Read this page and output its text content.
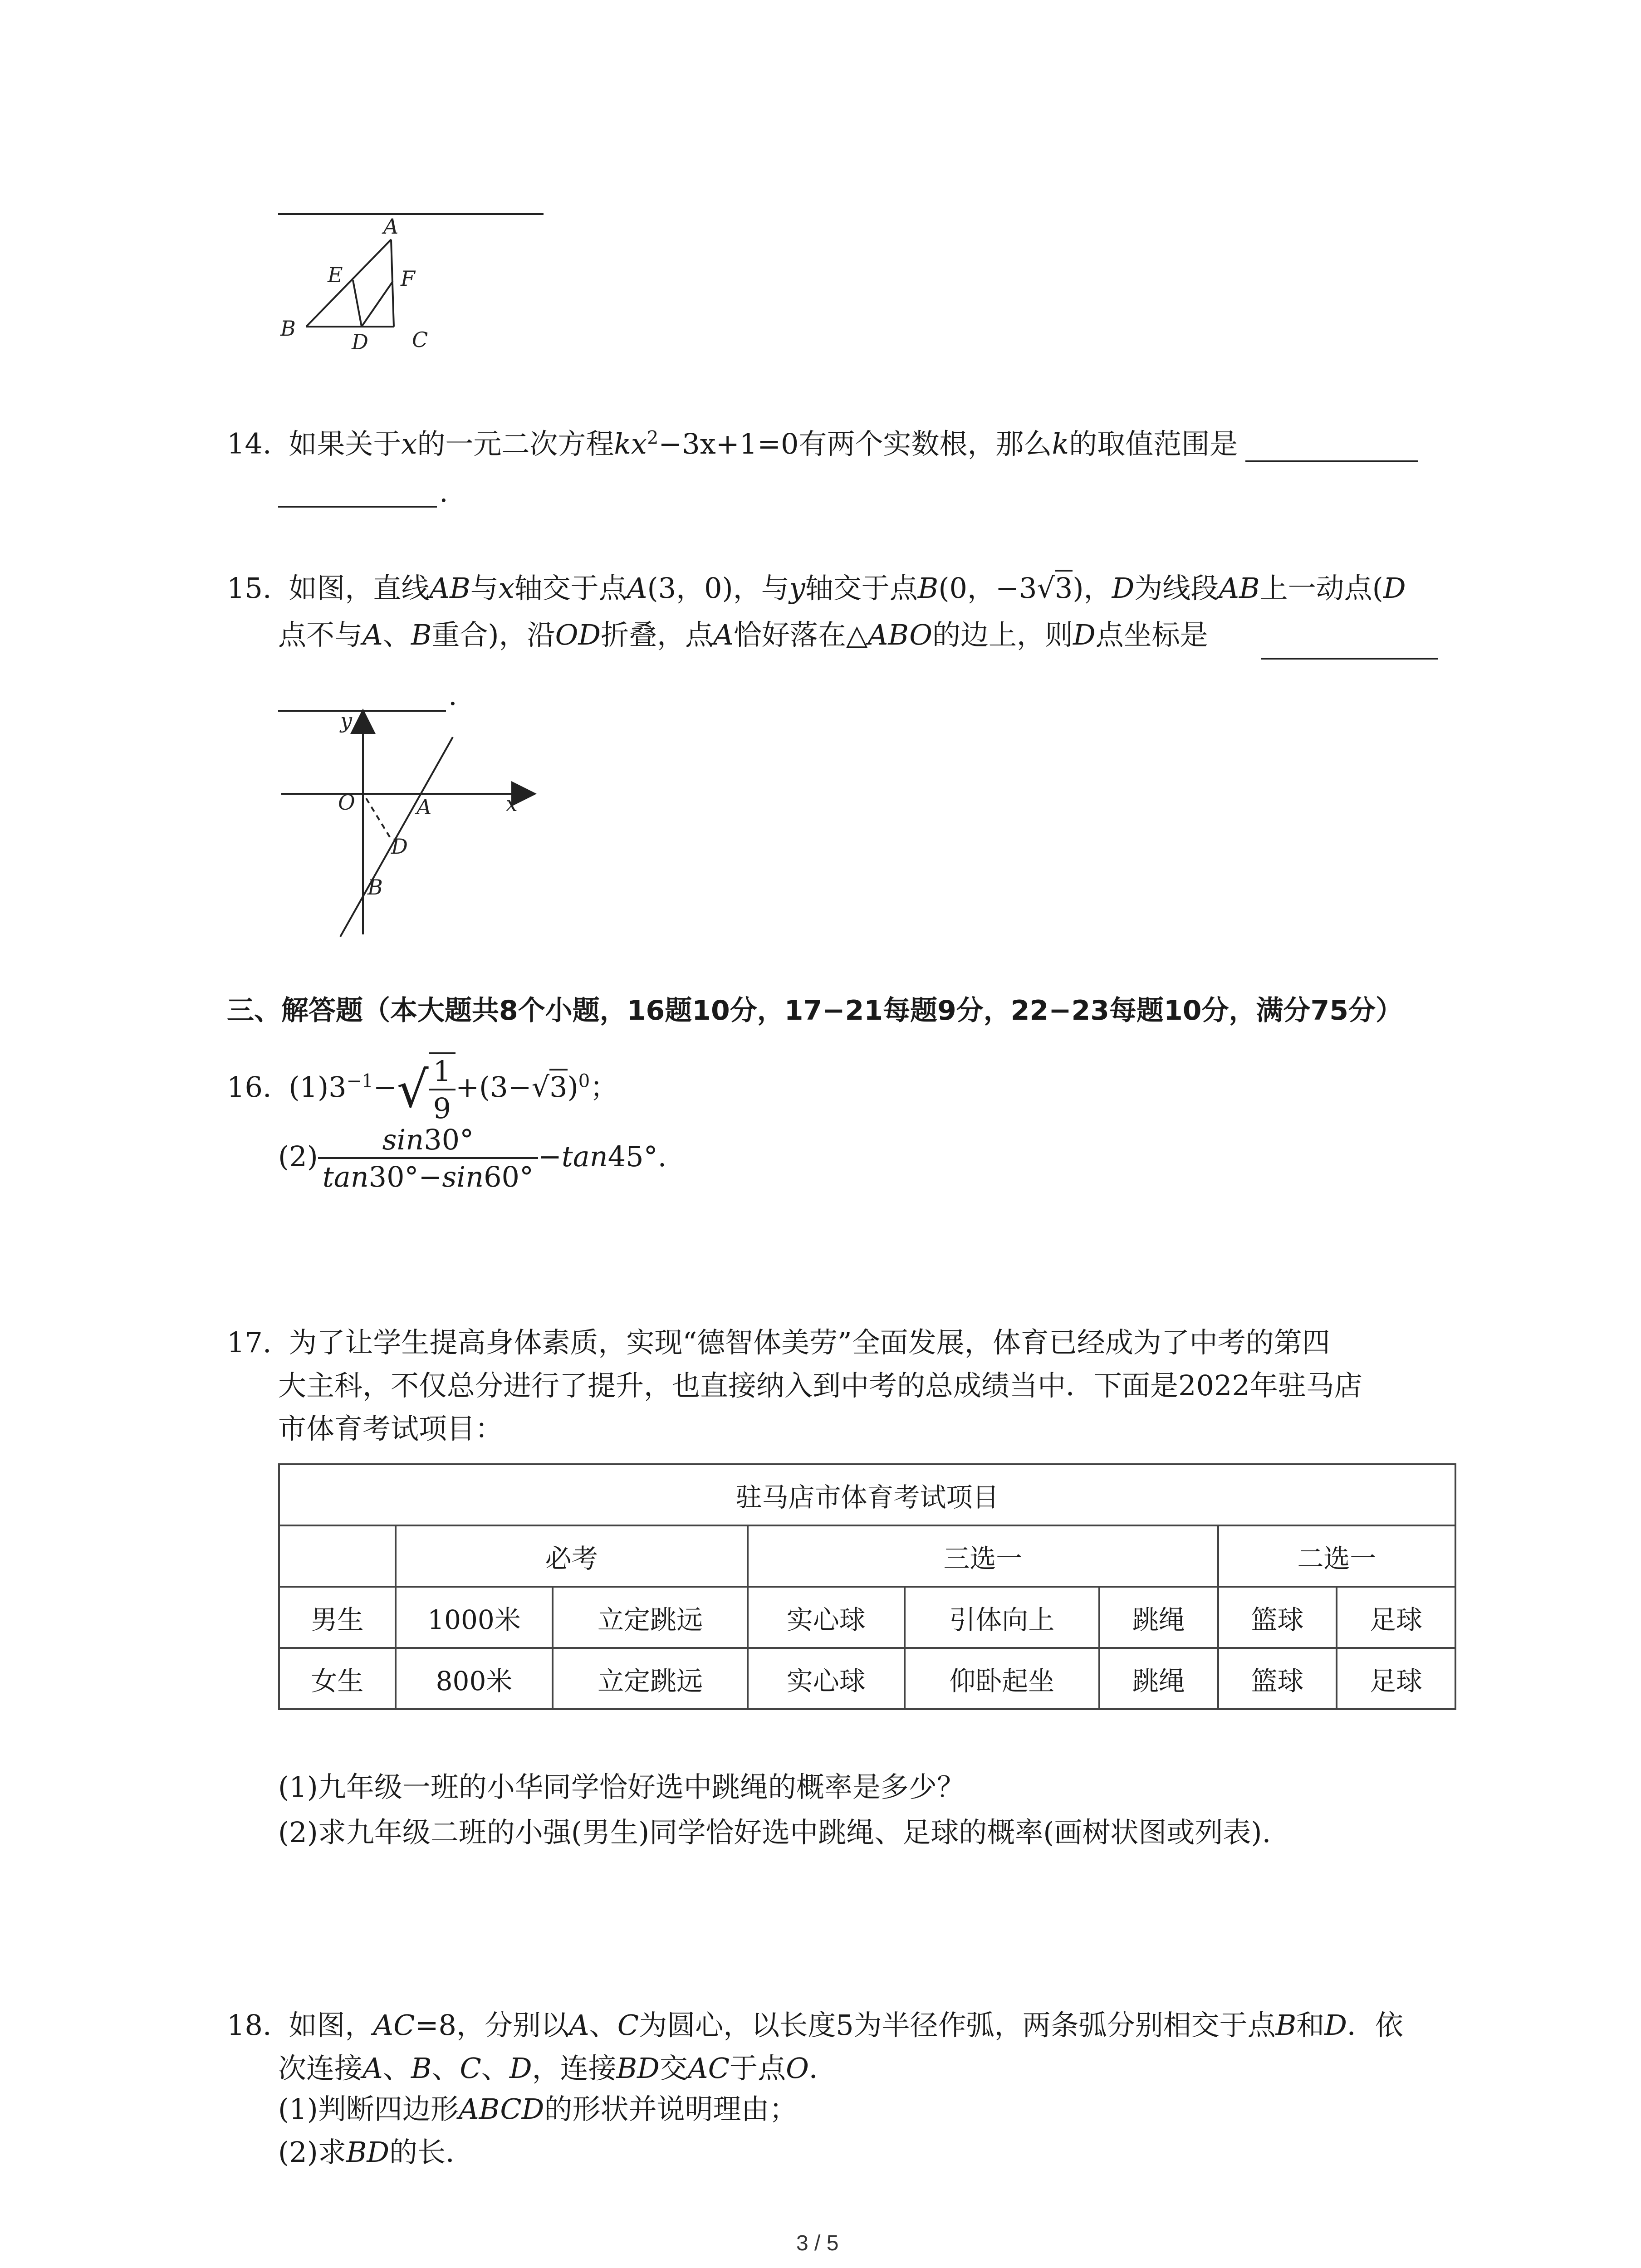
A
E	F
B
D C
14. 如果关于x的一元二次方程$kx^2-3x+1=0$有两个实数根，那么k的取值范围是
.
15. 如图，直线AB与x轴交于点A(3，0)，与y轴交于点B(0，−3√3)，D为线段AB上一动点(D
点不与A、B重合)，沿OD折叠，点A恰好落在△ABO的边上，则D点坐标是
.
y
O	A	x
D
B
三、解答题（本大题共8个小题，16题10分，17−21每题9分，22−23每题10分，满分75分）
16. $(1)3^{-1}-√ \frac{1}{9} +(3-√3)^0$；
$(2) \frac{\sin 30^\circ}{\tan 30^\circ-\sin 60^\circ} -\tan 45^\circ$.
17. 为了让学生提高身体素质，实现“德智体美劳”全面发展，体育已经成为了中考的第四
大主科，不仅总分进行了提升，也直接纳入到中考的总成绩当中．下面是2022年驻马店
市体育考试项目：
驻马店市体育考试项目							
	必考		三选一			二选一	
男生	1000米	立定跳远	实心球	引体向上	跳绳	篮球	足球
女生	800米	立定跳远	实心球	仰卧起坐	跳绳	篮球	足球
(1)九年级一班的小华同学恰好选中跳绳的概率是多少？
(2)求九年级二班的小强(男生)同学恰好选中跳绳、足球的概率(画树状图或列表).
18. 如图，AC=8，分别以A、C为圆心，以长度5为半径作弧，两条弧分别相交于点B和D．依
次连接A、B、C、D，连接BD交AC于点O．
(1)判断四边形ABCD的形状并说明理由；
(2)求BD的长．
3 / 5
